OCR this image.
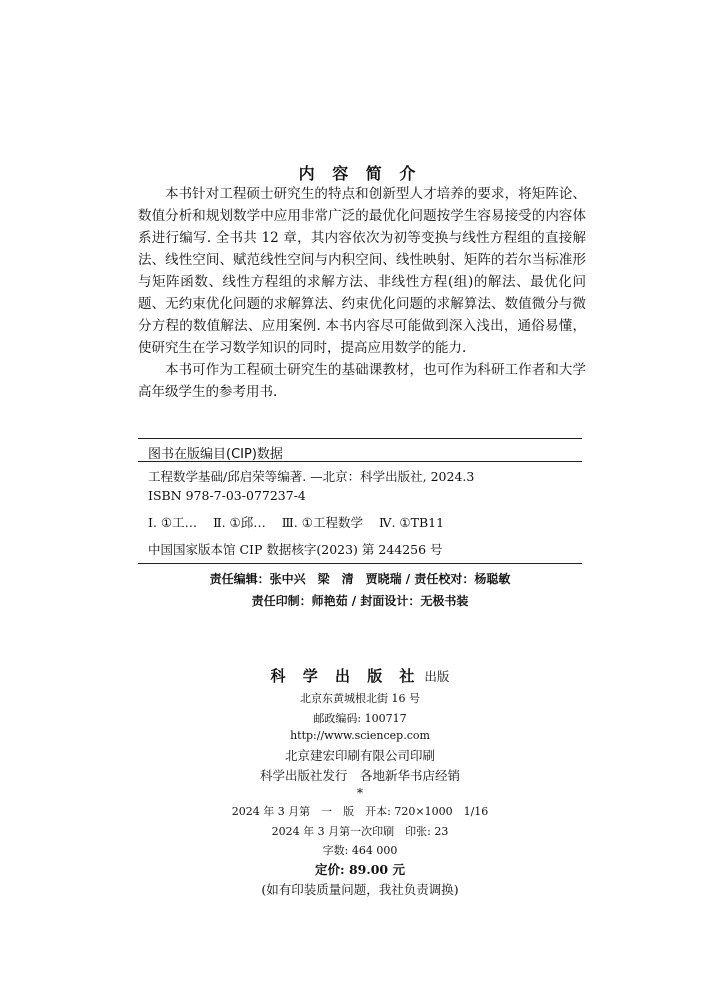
内 容 简 介

本书针对工程硕士研究生的特点和创新型人才培养的要求，将矩阵论、数值分析和规划数学中应用非常广泛的最优化问题按学生容易接受的内容体系进行编写. 全书共 12 章，其内容依次为初等变换与线性方程组的直接解法、线性空间、赋范线性空间与内积空间、线性映射、矩阵的若尔当标准形与矩阵函数、线性方程组的求解方法、非线性方程(组)的解法、最优化问题、无约束优化问题的求解算法、约束优化问题的求解算法、数值微分与微分方程的数值解法、应用案例. 本书内容尽可能做到深入浅出，通俗易懂，使研究生在学习数学知识的同时，提高应用数学的能力.

本书可作为工程硕士研究生的基础课教材，也可作为科研工作者和大学高年级学生的参考用书.

图书在版编目(CIP)数据
工程数学基础/邱启荣等编著. —北京：科学出版社, 2024.3
ISBN 978-7-03-077237-4
Ⅰ. ①工… Ⅱ. ①邱… Ⅲ. ①工程数学 Ⅳ. ①TB11
中国国家版本馆 CIP 数据核字(2023) 第 244256 号
责任编辑：张中兴　梁　清　贾晓瑞 / 责任校对：杨聪敏
责任印制：师艳茹 / 封面设计：无极书装
科 学 出 版 社 出版
北京东黄城根北街 16 号
邮政编码: 100717
http://www.sciencep.com
北京建宏印刷有限公司印刷
科学出版社发行　各地新华书店经销
*
2024 年 3 月第　一　版　开本: 720×1000　1/16
2024 年 3 月第一次印刷　印张: 23
字数: 464 000
定价: 89.00 元
(如有印装质量问题，我社负责调换)
